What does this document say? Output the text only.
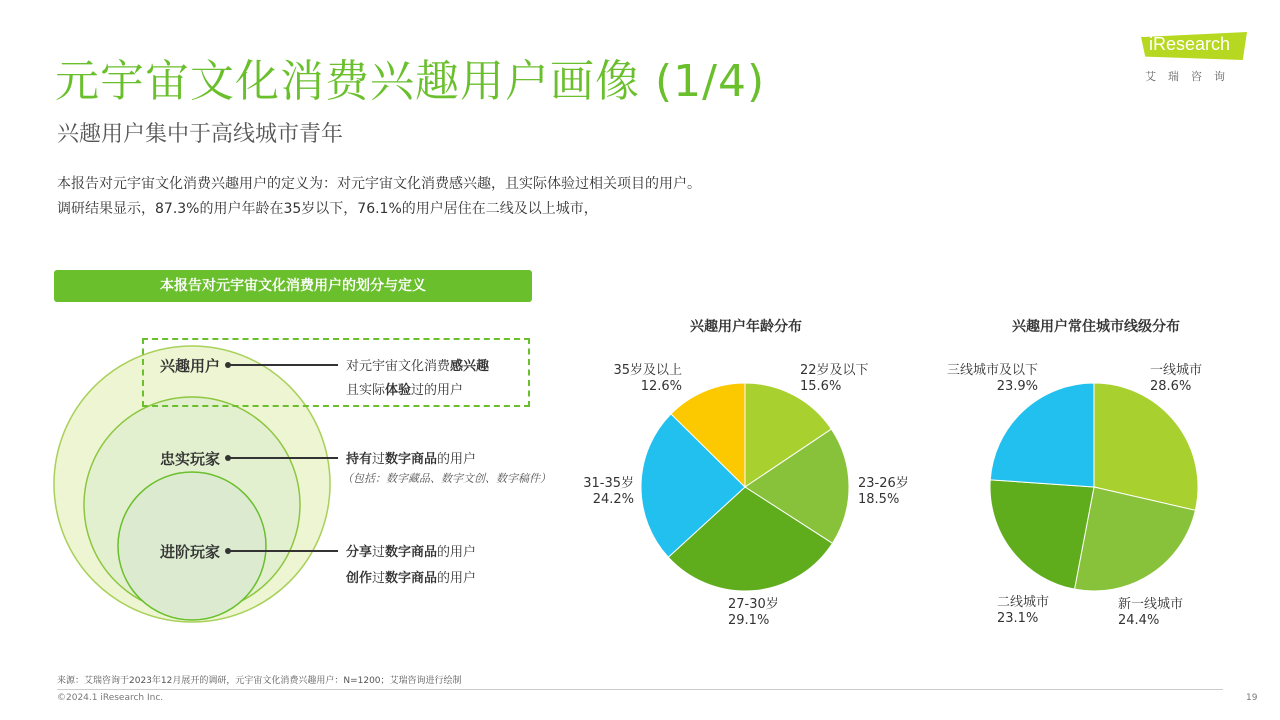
元宇宙文化消费兴趣用户画像 (1/4)
兴趣用户集中于高线城市青年
本报告对元宇宙文化消费兴趣用户的定义为：对元宇宙文化消费感兴趣，且实际体验过相关项目的用户。
调研结果显示，87.3%的用户年龄在35岁以下，76.1%的用户居住在二线及以上城市，
iResearch
艾瑞咨询
本报告对元宇宙文化消费用户的划分与定义
兴趣用户	对元宇宙文化消费感兴趣
且实际体验过的用户
忠实玩家	持有过数字商品的用户
（包括：数字藏品、数字文创、数字稿件）
进阶玩家	分享过数字商品的用户
创作过数字商品的用户
兴趣用户年龄分布
22岁及以下
15.6%
23-26岁
18.5%
27-30岁
29.1%
31-35岁
24.2%
35岁及以上
12.6%
兴趣用户常住城市线级分布
一线城市
28.6%
新一线城市
24.4%
二线城市
23.1%
三线城市及以下
23.9%
来源：艾瑞咨询于2023年12月展开的调研，元宇宙文化消费兴趣用户：N=1200；艾瑞咨询进行绘制
©2024.1 iResearch Inc.	19
